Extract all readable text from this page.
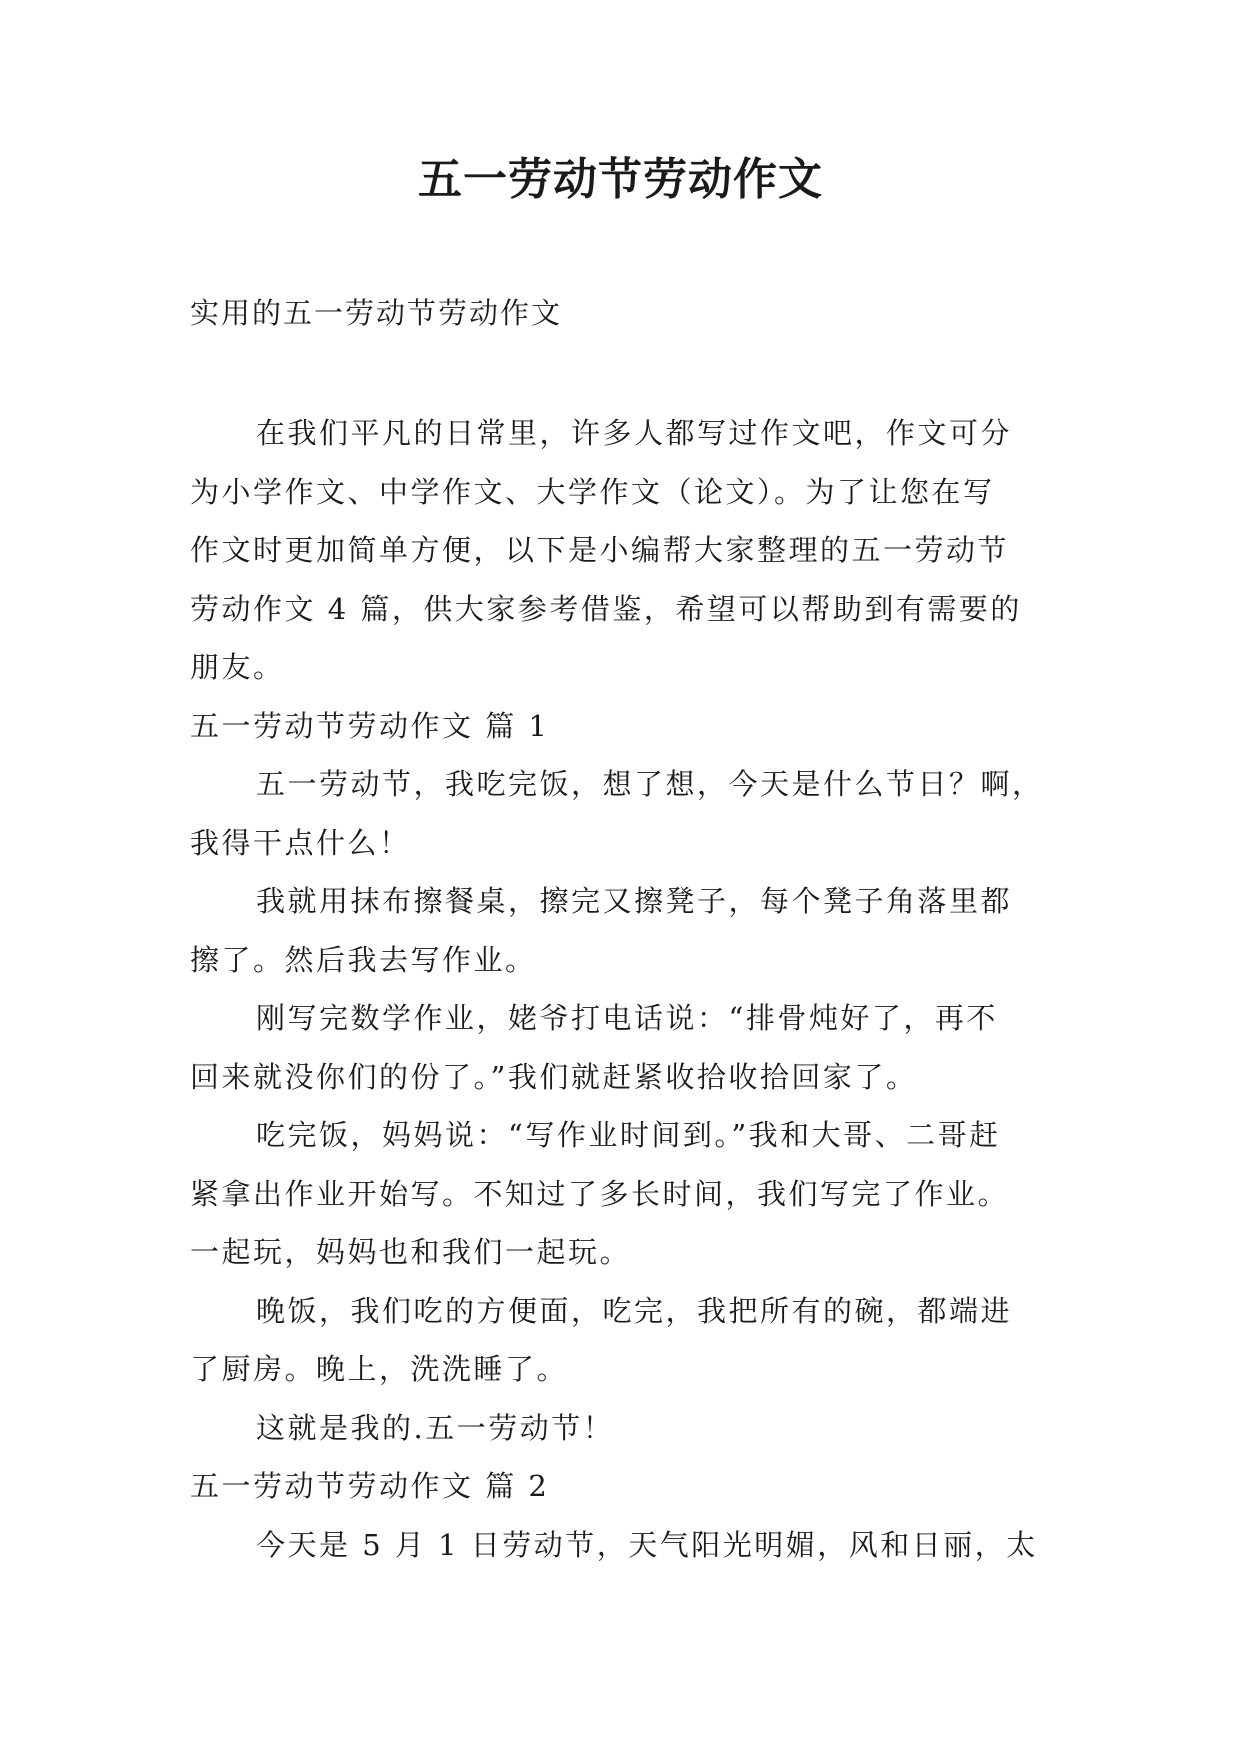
五一劳动节劳动作文

实用的五一劳动节劳动作文

在我们平凡的日常里，许多人都写过作文吧，作文可分
为小学作文、中学作文、大学作文（论文）。为了让您在写
作文时更加简单方便，以下是小编帮大家整理的五一劳动节
劳动作文 4 篇，供大家参考借鉴，希望可以帮助到有需要的
朋友。

五一劳动节劳动作文 篇 1

五一劳动节，我吃完饭，想了想，今天是什么节日？啊，
我得干点什么！

我就用抹布擦餐桌，擦完又擦凳子，每个凳子角落里都
擦了。然后我去写作业。

刚写完数学作业，姥爷打电话说：“排骨炖好了，再不
回来就没你们的份了。”我们就赶紧收拾收拾回家了。

吃完饭，妈妈说：“写作业时间到。”我和大哥、二哥赶
紧拿出作业开始写。不知过了多长时间，我们写完了作业。
一起玩，妈妈也和我们一起玩。

晚饭，我们吃的方便面，吃完，我把所有的碗，都端进
了厨房。晚上，洗洗睡了。

这就是我的.五一劳动节！

五一劳动节劳动作文 篇 2

今天是 5 月 1 日劳动节，天气阳光明媚，风和日丽，太
